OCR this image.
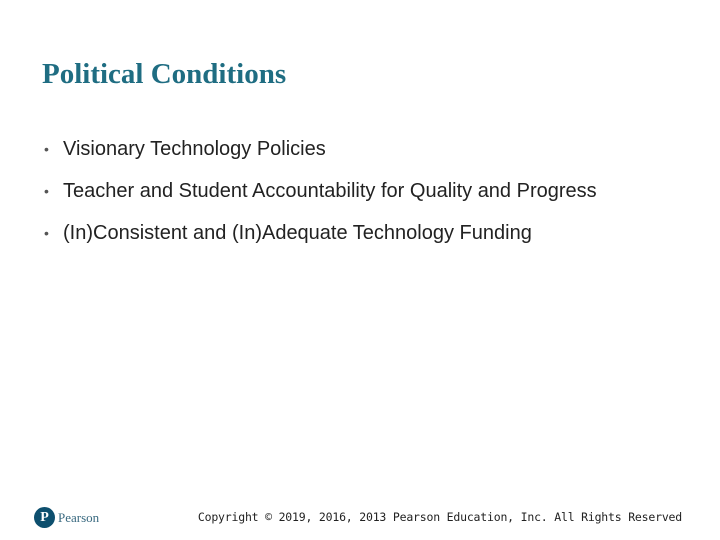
Political Conditions
• Visionary Technology Policies
• Teacher and Student Accountability for Quality and Progress
• (In)Consistent and (In)Adequate Technology Funding
P Pearson	Copyright © 2019, 2016, 2013 Pearson Education, Inc. All Rights Reserved
